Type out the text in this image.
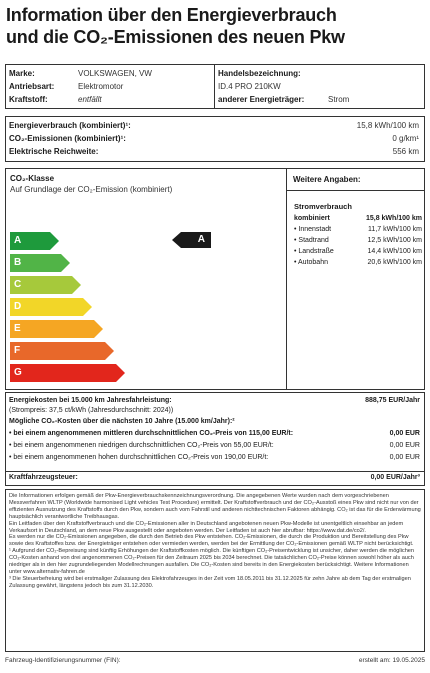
Information über den Energieverbrauch
und die CO₂-Emissionen des neuen Pkw
Marke:	VOLKSWAGEN, VW
Antriebsart:	Elektromotor
Kraftstoff:	entfällt
Handelsbezeichnung:
ID.4 PRO 210KW
anderer Energieträger:	Strom
Energieverbrauch (kombiniert)¹:	15,8 kWh/100 km
CO₂-Emissionen (kombiniert)¹:	0 g/km¹
Elektrische Reichweite:	556 km
CO₂-Klasse
Auf Grundlage der CO₂-Emission (kombiniert)
A
B
C
D
E
F
G
A
Weitere Angaben:
Stromverbrauch
kombiniert	15,8 kWh/100 km
• Innenstadt	11,7 kWh/100 km
• Stadtrand	12,5 kWh/100 km
• Landstraße	14,4 kWh/100 km
• Autobahn	20,6 kWh/100 km
Energiekosten bei 15.000 km Jahresfahrleistung:	888,75 EUR/Jahr
(Strompreis: 37,5 ct/kWh (Jahresdurchschnitt: 2024))
Mögliche CO₂-Kosten über die nächsten 10 Jahre (15.000 km/Jahr):²
• bei einem angenommenen mittleren durchschnittlichen CO₂-Preis von 115,00 EUR/t:	0,00 EUR
• bei einem angenommenen niedrigen durchschnittlichen CO₂-Preis von 55,00 EUR/t:	0,00 EUR
• bei einem angenommenen hohen durchschnittlichen CO₂-Preis von 190,00 EUR/t:	0,00 EUR
Kraftfahrzeugsteuer:	0,00 EUR/Jahr³

Die Informationen erfolgen gemäß der Pkw-Energieverbrauchskennzeichnungsverordnung. Die angegebenen Werte wurden nach dem vorgeschriebenen Messverfahren WLTP (Worldwide harmonised Light vehicles Test Procedure) ermittelt. Der Kraftstoffverbrauch und der CO₂-Ausstoß eines Pkw sind nicht nur von der effizienten Ausnutzung des Kraftstoffs durch den Pkw, sondern auch vom Fahrstil und anderen nichttechnischen Faktoren abhängig. CO₂ ist das für die Erderwärmung hauptsächlich verantwortliche Treibhausgas.

Ein Leitfaden über den Kraftstoffverbrauch und die CO₂-Emissionen aller in Deutschland angebotenen neuen Pkw-Modelle ist unentgeltlich einsehbar an jedem Verkaufsort in Deutschland, an dem neue Pkw ausgestellt oder angeboten werden. Der Leitfaden ist auch hier abrufbar: https://www.dat.de/co2/.

Es werden nur die CO₂-Emissionen angegeben, die durch den Betrieb des Pkw entstehen. CO₂-Emissionen, die durch die Produktion und Bereitstellung des Pkw sowie des Kraftstoffes bzw. der Energieträger entstehen oder vermieden werden, werden bei der Ermittlung der CO₂-Emissionen gemäß WLTP nicht berücksichtigt.

¹ Aufgrund der CO₂-Bepreisung sind künftig Erhöhungen der Kraftstoffkosten möglich. Die künftigen CO₂-Preisentwicklung ist unsicher, daher werden die möglichen CO₂-Kosten anhand von drei angenommenen CO₂-Preisen für den Zeitraum 2025 bis 2034 berechnet. Die tatsächlichen CO₂-Preise können sowohl höher als auch niedriger als in den hier zugrundeliegenden Modellrechnungen ausfallen. Die CO₂-Kosten sind bereits in den Energiekosten berücksichtigt. Weitere Informationen unter www.alternativ-fahren.de

³ Die Steuerbefreiung wird bei erstmaliger Zulassung des Elektrofahrzeuges in der Zeit vom 18.05.2011 bis 31.12.2025 für zehn Jahre ab dem Tag der erstmaligen Zulassung gewährt, längstens jedoch bis zum 31.12.2030.

Fahrzeug-Identifizierungsnummer (FIN):	erstellt am: 19.05.2025
